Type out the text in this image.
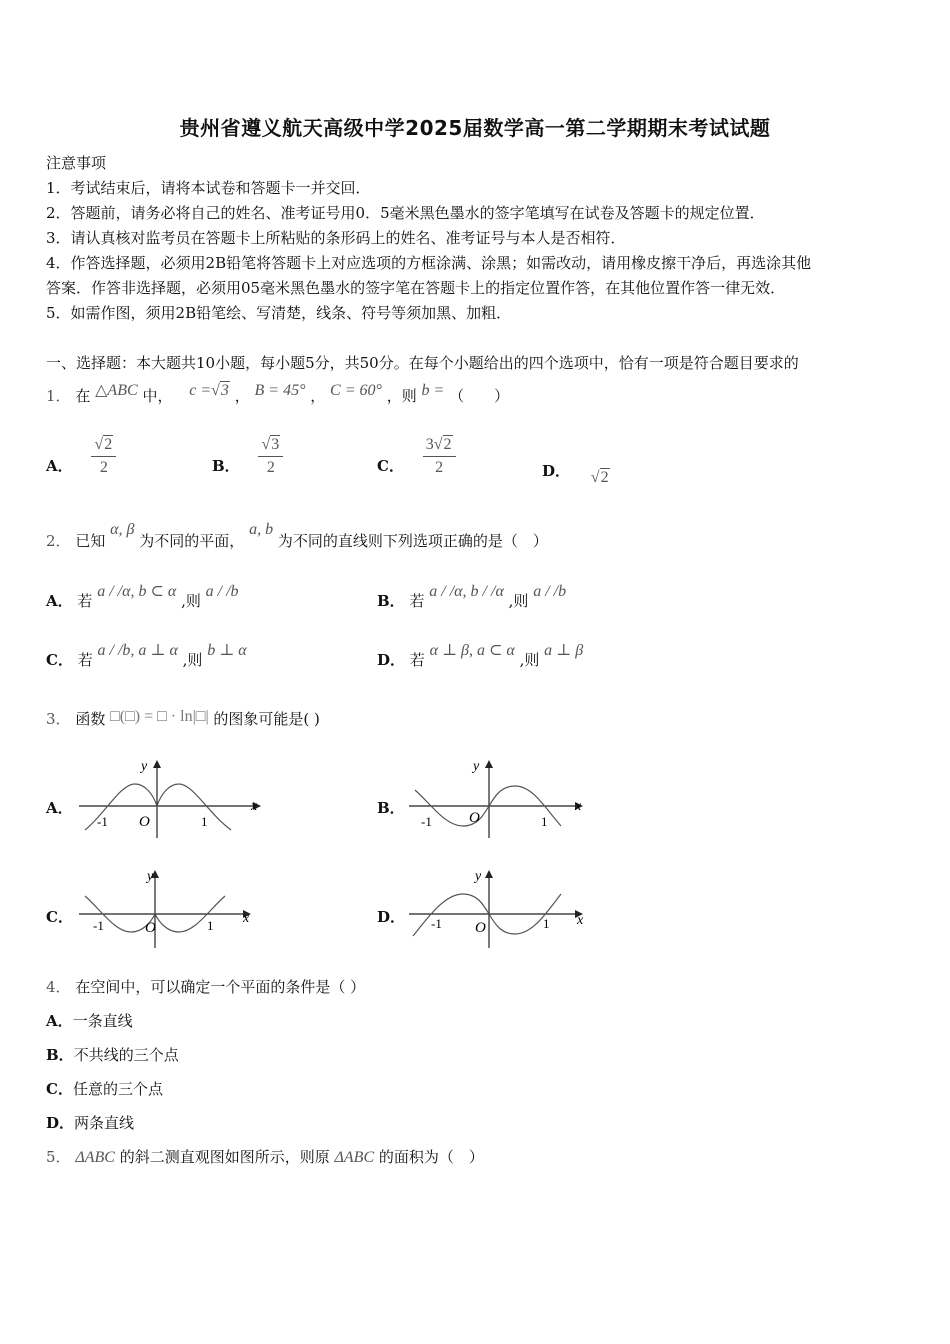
贵州省遵义航天高级中学2025届数学高一第二学期期末考试试题
注意事项
1．考试结束后，请将本试卷和答题卡一并交回．
2．答题前，请务必将自己的姓名、准考证号用0．5毫米黑色墨水的签字笔填写在试卷及答题卡的规定位置．
3．请认真核对监考员在答题卡上所粘贴的条形码上的姓名、准考证号与本人是否相符．
4．作答选择题，必须用2B铅笔将答题卡上对应选项的方框涂满、涂黑；如需改动，请用橡皮擦干净后，再选涂其他
答案．作答非选择题，必须用05毫米黑色墨水的签字笔在答题卡上的指定位置作答，在其他位置作答一律无效．
5．如需作图，须用2B铅笔绘、写清楚，线条、符号等须加黑、加粗．
一、选择题：本大题共10小题，每小题5分，共50分。在每个小题给出的四个选项中，恰有一项是符合题目要求的
1． 在 △ABC 中， c =√3 ， B = 45° ， C = 60° ，则 b = （　　）
A． $\frac{√2}{2}$	B． $\frac{√3}{2}$	C． $\frac{3√2}{2}$	D． √2
2． 已知 α, β 为不同的平面， a, b 为不同的直线则下列选项正确的是（　）
A． 若 a / /α, b ⊂ α ,则 a / /b
B． 若 a / /α, b / /α ,则 a / /b
C． 若 a / /b, a ⊥ α ,则 b ⊥ α
D． 若 α ⊥ β, a ⊂ α ,则 a ⊥ β
3． 函数 □(□) = □ · ln|□| 的图象可能是( )
A．	x
y
O
-1	1
B．	x
y
O
-1	1
C．	x
y
O
-1	1	D．	x
y
O
-1	1
4． 在空间中，可以确定一个平面的条件是（ ）
A．一条直线
B．不共线的三个点
C．任意的三个点
D．两条直线
5． ΔABC 的斜二测直观图如图所示，则原 ΔABC 的面积为（　）
